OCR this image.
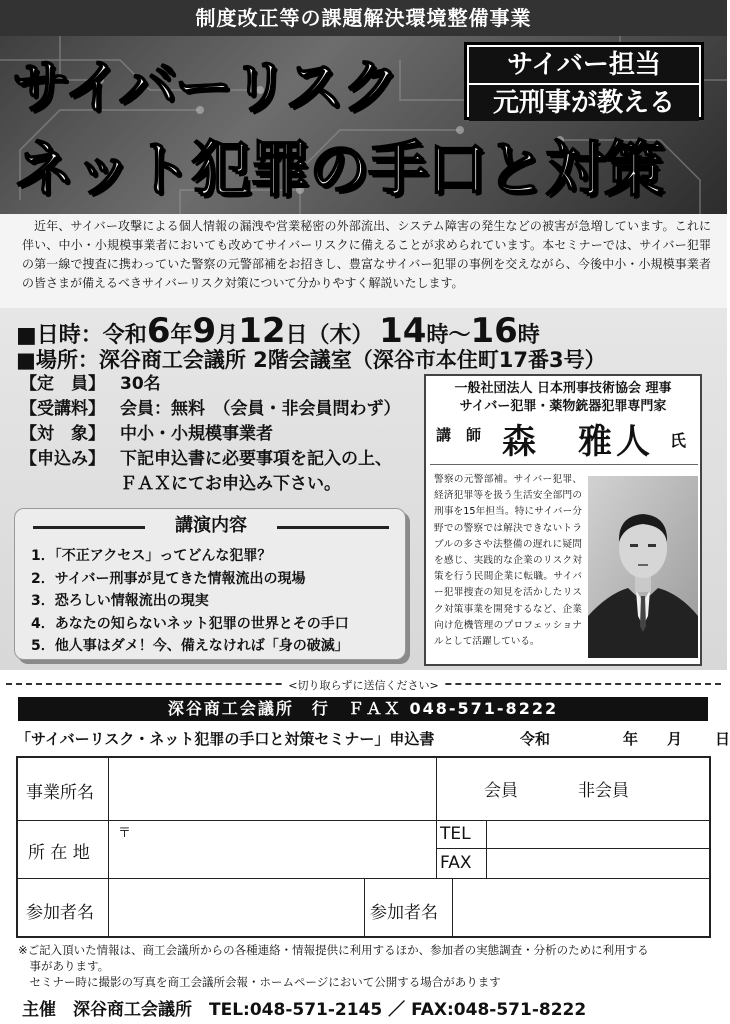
制度改正等の課題解決環境整備事業
サイバーリスク	サイバー担当
元刑事が教える
ネット犯罪の手口と対策
近年、サイバー攻撃による個人情報の漏洩や営業秘密の外部流出、システム障害の発生などの被害が急増しています。これに伴い、中小・小規模事業者においても改めてサイバーリスクに備えることが求められています。本セミナーでは、サイバー犯罪の第一線で捜査に携わっていた警察の元警部補をお招きし、豊富なサイバー犯罪の事例を交えながら、今後中小・小規模事業者の皆さまが備えるべきサイバーリスク対策について分かりやすく解説いたします。
■日時：令和6年9月12日（木） 14時～16時
■場所：深谷商工会議所 2階会議室（深谷市本住町17番3号）
【定　員】 30名
【受講料】 会員：無料　（会員・非会員問わず）
【対　象】 中小・小規模事業者
【申込み】 下記申込書に必要事項を記入の上、
ＦＡＸにてお申込み下さい。
講演内容
1．「不正アクセス」ってどんな犯罪？
2．サイバー刑事が見てきた情報流出の現場
3．恐ろしい情報流出の現実
4．あなたの知らないネット犯罪の世界とその手口
5．他人事はダメ！今、備えなければ「身の破滅」
一般社団法人 日本刑事技術協会 理事
サイバー犯罪・薬物銃器犯罪専門家
講　師 森　雅人 氏
警察の元警部補。サイバー犯罪、経済犯罪等を扱う生活安全部門の刑事を15年担当。特にサイバー分野での警察では解決できないトラブルの多さや法整備の遅れに疑問を感じ、実践的な企業のリスク対策を行う民間企業に転職。サイバー犯罪捜査の知見を活かしたリスク対策事業を開発するなど、企業向け危機管理のプロフェッショナルとして活躍している。
<切り取らずに送信ください>
深谷商工会議所　行　ＦＡＸ 048-571-8222
「サイバーリスク・ネット犯罪の手口と対策セミナー」申込書	令和	年 月 日
事業所名	会員	非会員
所 在 地
〒	TEL
FAX
参加者名	参加者名

※ご記入頂いた情報は、商工会議所からの各種連絡・情報提供に利用するほか、参加者の実態調査・分析のために利用する

　事があります。

　セミナー時に撮影の写真を商工会議所会報・ホームページにおいて公開する場合があります

主催　深谷商工会議所　TEL:048-571-2145 ／ FAX:048-571-8222
